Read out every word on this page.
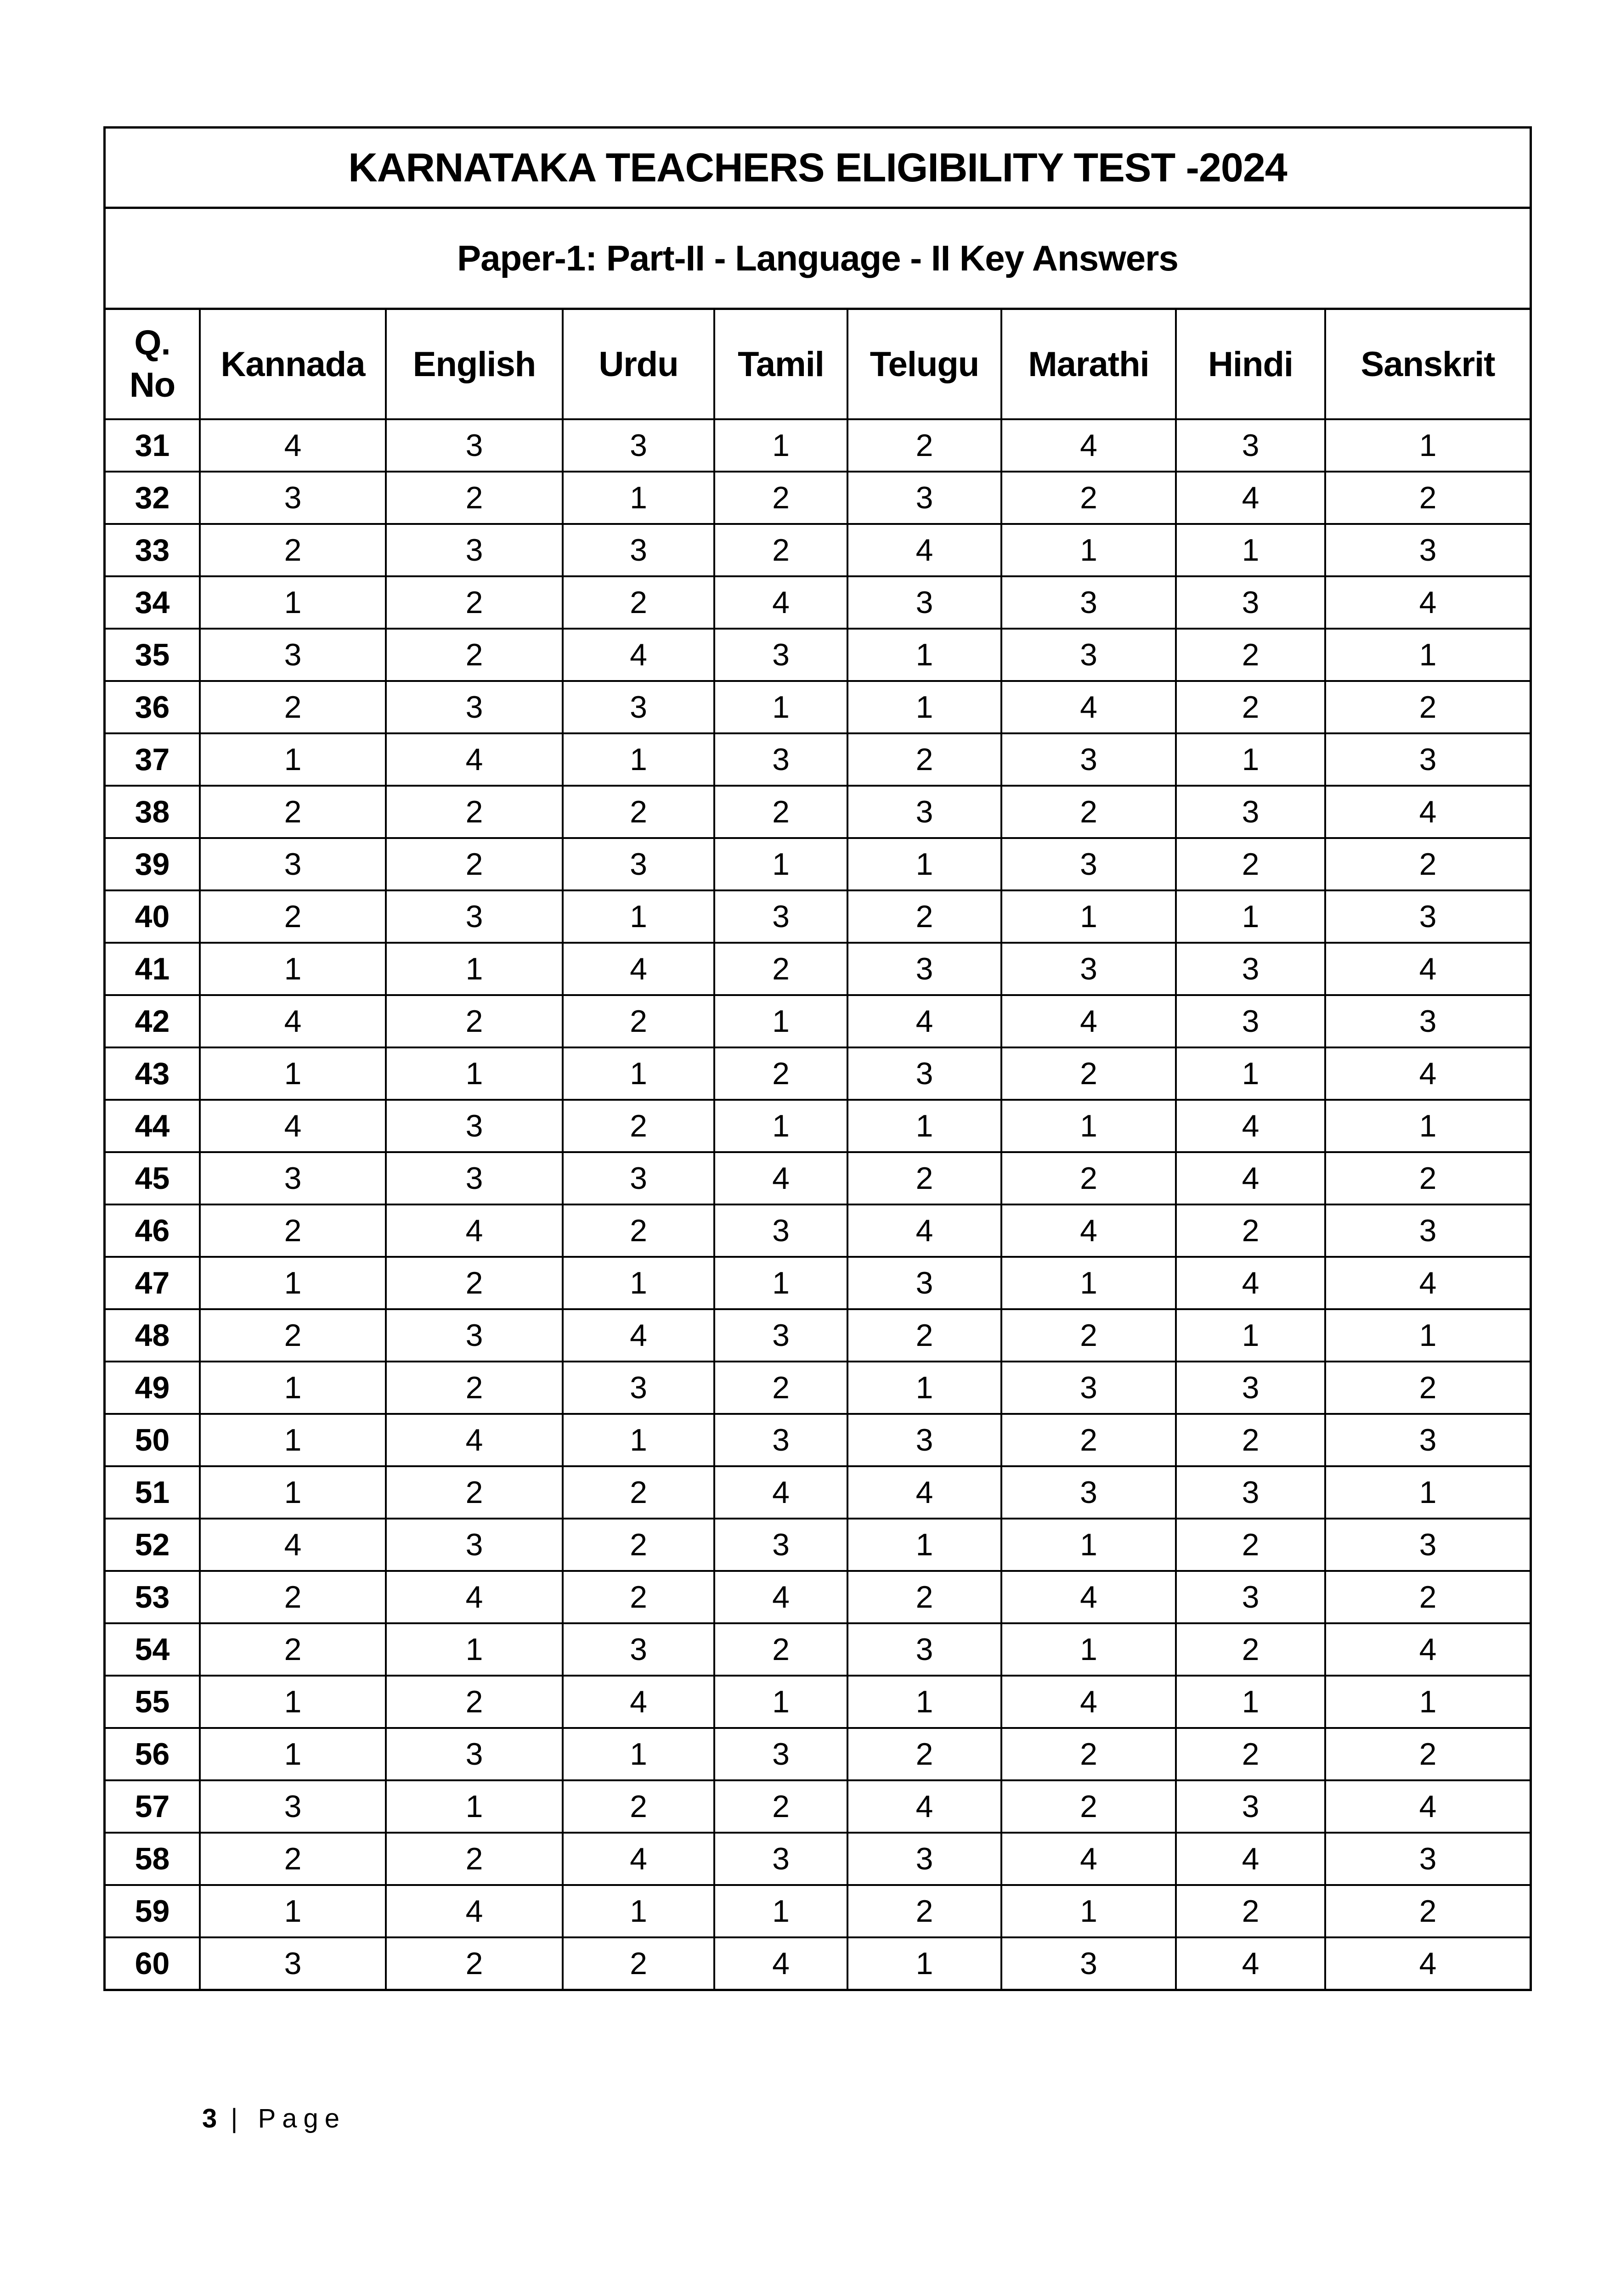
KARNATAKA TEACHERS ELIGIBILITY TEST -2024
Paper-1: Part-II - Language - II Key Answers
Q.
No	Kannada	English	Urdu	Tamil	Telugu	Marathi	Hindi	Sanskrit
31	4	3	3	1	2	4	3	1
32	3	2	1	2	3	2	4	2
33	2	3	3	2	4	1	1	3
34	1	2	2	4	3	3	3	4
35	3	2	4	3	1	3	2	1
36	2	3	3	1	1	4	2	2
37	1	4	1	3	2	3	1	3
38	2	2	2	2	3	2	3	4
39	3	2	3	1	1	3	2	2
40	2	3	1	3	2	1	1	3
41	1	1	4	2	3	3	3	4
42	4	2	2	1	4	4	3	3
43	1	1	1	2	3	2	1	4
44	4	3	2	1	1	1	4	1
45	3	3	3	4	2	2	4	2
46	2	4	2	3	4	4	2	3
47	1	2	1	1	3	1	4	4
48	2	3	4	3	2	2	1	1
49	1	2	3	2	1	3	3	2
50	1	4	1	3	3	2	2	3
51	1	2	2	4	4	3	3	1
52	4	3	2	3	1	1	2	3
53	2	4	2	4	2	4	3	2
54	2	1	3	2	3	1	2	4
55	1	2	4	1	1	4	1	1
56	1	3	1	3	2	2	2	2
57	3	1	2	2	4	2	3	4
58	2	2	4	3	3	4	4	3
59	1	4	1	1	2	1	2	2
60	3	2	2	4	1	3	4	4
3 | Page
